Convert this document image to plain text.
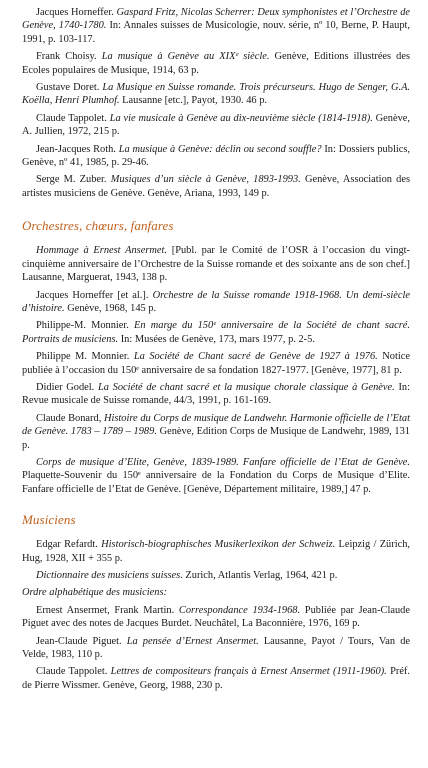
Jacques Horneffer. Gaspard Fritz, Nicolas Scherrer: Deux symphonistes et l’Orchestre de Genève, 1740-1780. In: Annales suisses de Musicologie, nouv. série, nº 10, Berne, P. Haupt, 1991, p. 103-117.

Frank Choisy. La musique à Genève au XIXᵉ siècle. Genève, Editions illustrées des Ecoles populaires de Musique, 1914, 63 p.

Gustave Doret. La Musique en Suisse romande. Trois précurseurs. Hugo de Senger, G.A. Koëlla, Henri Plumhof. Lausanne [etc.], Payot, 1930. 46 p.

Claude Tappolet. La vie musicale à Genève au dix-neuvième siècle (1814-1918). Genève, A. Jullien, 1972, 215 p.

Jean-Jacques Roth. La musique à Genève: déclin ou second souffle? In: Dossiers publics, Genève, nº 41, 1985, p. 29-46.

Serge M. Zuber. Musiques d’un siècle à Genève, 1893-1993. Genève, Association des artistes musiciens de Genève. Genève, Ariana, 1993, 149 p.

Orchestres, chœurs, fanfares

Hommage à Ernest Ansermet. [Publ. par le Comité de l’OSR à l’occasion du vingt-cinquième anniversaire de l’Orchestre de la Suisse romande et des soixante ans de son chef.] Lausanne, Marguerat, 1943, 138 p.

Jacques Horneffer [et al.]. Orchestre de la Suisse romande 1918-1968. Un demi-siècle d’histoire. Genève, 1968, 145 p.

Philippe-M. Monnier. En marge du 150ᵉ anniversaire de la Société de chant sacré. Portraits de musiciens. In: Musées de Genève, 173, mars 1977, p. 2-5.

Philippe M. Monnier. La Société de Chant sacré de Genève de 1927 à 1976. Notice publiée à l’occasion du 150ᵉ anniversaire de sa fondation 1827-1977. [Genève, 1977], 81 p.

Didier Godel. La Société de chant sacré et la musique chorale classique à Genève. In: Revue musicale de Suisse romande, 44/3, 1991, p. 161-169.

Claude Bonard, Histoire du Corps de musique de Landwehr. Harmonie officielle de l’Etat de Genève. 1783 – 1789 – 1989. Genève, Edition Corps de Musique de Landwehr, 1989, 131 p.

Corps de musique d’Elite, Genève, 1839-1989. Fanfare officielle de l’Etat de Genève. Plaquette-Souvenir du 150ᵉ anniversaire de la Fondation du Corps de Musique d’Elite. Fanfare officielle de l’Etat de Genève. [Genève, Département militaire, 1989,] 47 p.

Musiciens

Edgar Refardt. Historisch-biographisches Musikerlexikon der Schweiz. Leipzig / Zürich, Hug, 1928, XII + 355 p.

Dictionnaire des musiciens suisses. Zurich, Atlantis Verlag, 1964, 421 p.

Ordre alphabétique des musiciens:

Ernest Ansermet, Frank Martin. Correspondance 1934-1968. Publiée par Jean-Claude Piguet avec des notes de Jacques Burdet. Neuchâtel, La Baconnière, 1976, 169 p.

Jean-Claude Piguet. La pensée d’Ernest Ansermet. Lausanne, Payot / Tours, Van de Velde, 1983, 110 p.

Claude Tappolet. Lettres de compositeurs français à Ernest Ansermet (1911-1960). Préf. de Pierre Wissmer. Genève, Georg, 1988, 230 p.
